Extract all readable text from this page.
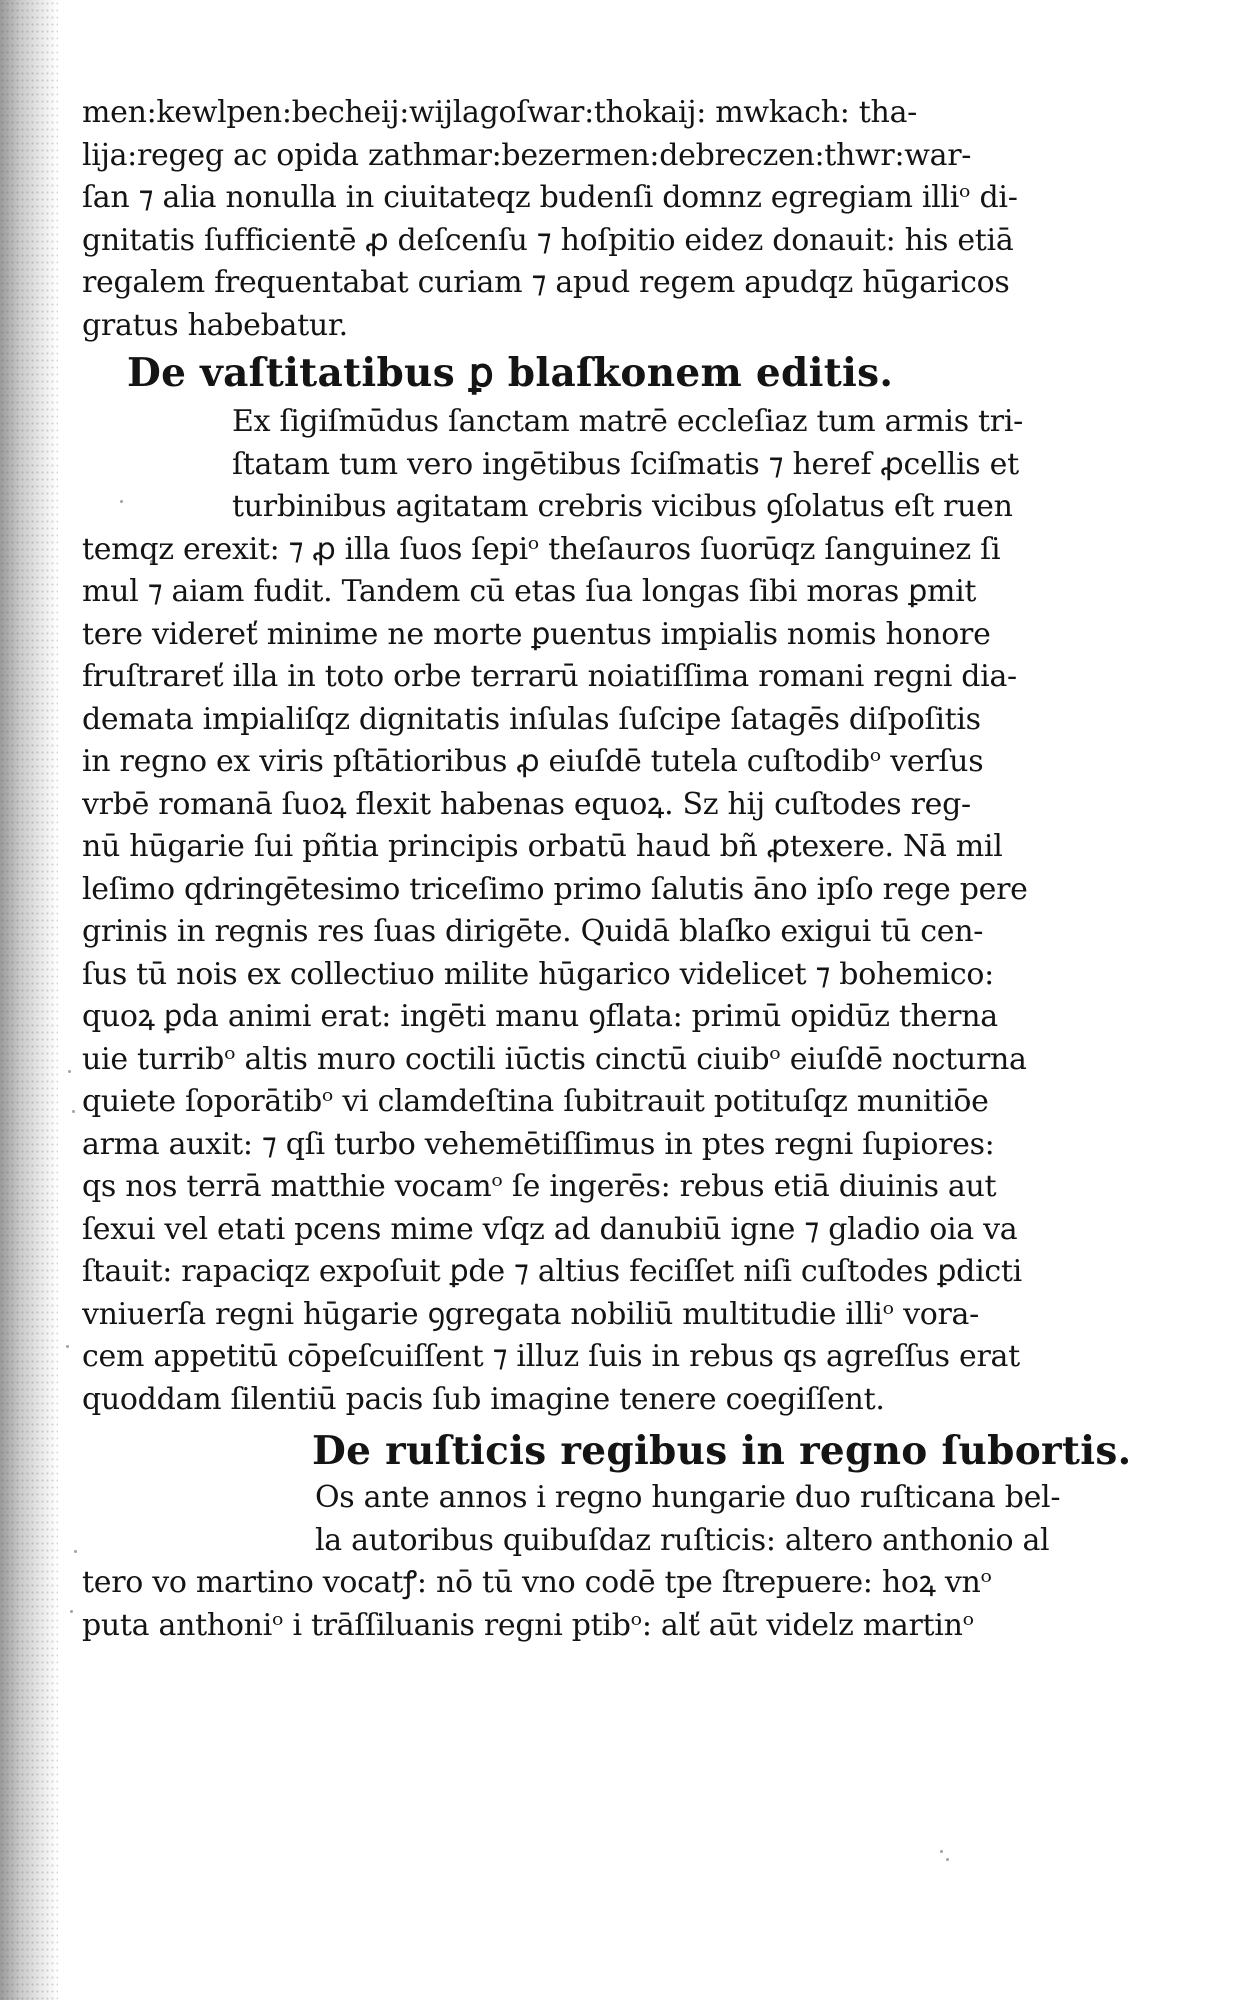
men:kewlpen:becheij:wijlagoſwar:thokaij: mwkach: tha-
lija:regeg ac opida zathmar:bezermen:debreczen:thwr:war-
ſan ⁊ alia nonulla in ciuitateqz budenſi domnz egregiam illiᵒ di-
gnitatis ſufficientē ꝓ deſcenſu ⁊ hoſpitio eidez donauit: his etiā
regalem frequentabat curiam ⁊ apud regem apudqz hūgaricos
gratus habebatur.
De vaſtitatibus ꝑ blaſkonem editis.
Ex ſigiſmūdus ſanctam matrē eccleſiaz tum armis tri-
ſtatam tum vero ingētibus ſciſmatis ⁊ heref ꝓcellis et
turbinibus agitatam crebris vicibus ꝯſolatus eſt ruen
temqz erexit: ⁊ ꝓ illa ſuos ſepiᵒ theſauros ſuorūqz ſanguinez ſi
mul ⁊ aiam fudit. Tandem cū etas ſua longas ſibi moras ꝑmit
tere videreť minime ne morte ꝑuentus impialis nomis honore
fruſtrareť illa in toto orbe terrarū noiatiſſima romani regni dia-
demata impialiſqz dignitatis inſulas ſuſcipe ſatagēs diſpoſitis
in regno ex viris pſtātioribus ꝓ eiuſdē tutela cuſtodibᵒ verſus
vrbē romanā ſuoꝝ flexit habenas equoꝝ. Sz hij cuſtodes reg-
nū hūgarie ſui pñtia principis orbatū haud bñ ꝓtexere. Nā mil
leſimo qdringētesimo triceſimo primo ſalutis āno ipſo rege pere
grinis in regnis res ſuas dirigēte. Quidā blaſko exigui tū cen-
ſus tū nois ex collectiuo milite hūgarico videlicet ⁊ bohemico:
quoꝝ ꝑda animi erat: ingēti manu ꝯflata: primū opidūz therna
uie turribᵒ altis muro coctili iūctis cinctū ciuibᵒ eiuſdē nocturna
quiete ſoporātibᵒ vi clamdeſtina ſubitrauit potituſqz munitiōe
arma auxit: ⁊ qſi turbo vehemētiſſimus in ptes regni ſupiores:
qs nos terrā matthie vocamᵒ ſe ingerēs: rebus etiā diuinis aut
ſexui vel etati pcens mime vſqz ad danubiū igne ⁊ gladio oia va
ſtauit: rapaciqz expoſuit ꝑde ⁊ altius feciſſet niſi cuſtodes ꝑdicti
vniuerſa regni hūgarie ꝯgregata nobiliū multitudie illiᵒ vora-
cem appetitū cōpeſcuiſſent ⁊ illuz ſuis in rebus qs agreſſus erat
quoddam ſilentiū pacis ſub imagine tenere coegiſſent.
De ruſticis regibus in regno ſubortis.
Os ante annos i regno hungarie duo ruſticana bel-
la autoribus quibuſdaz ruſticis: altero anthonio al
tero vo martino vocatꝭ: nō tū vno codē tpe ſtrepuere: hoꝝ vnᵒ
puta anthoniᵒ i trāſſiluanis regni ptibᵒ: alť aūt videlz martinᵒ
